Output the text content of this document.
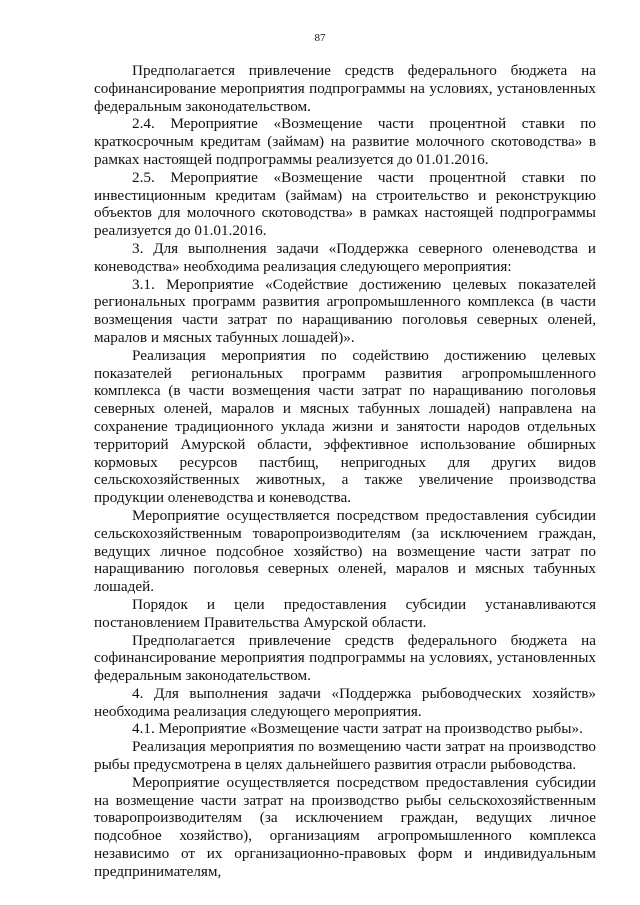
87

Предполагается привлечение средств федерального бюджета на софинансирование мероприятия подпрограммы на условиях, установленных федеральным законодательством.

2.4. Мероприятие «Возмещение части процентной ставки по краткосрочным кредитам (займам) на развитие молочного скотоводства» в рамках настоящей подпрограммы реализуется до 01.01.2016.

2.5. Мероприятие «Возмещение части процентной ставки по инвестиционным кредитам (займам) на строительство и реконструкцию объектов для молочного скотоводства» в рамках настоящей подпрограммы реализуется до 01.01.2016.

3. Для выполнения задачи «Поддержка северного оленеводства и коневодства» необходима реализация следующего мероприятия:

3.1. Мероприятие «Содействие достижению целевых показателей региональных программ развития агропромышленного комплекса (в части возмещения части затрат по наращиванию поголовья северных оленей, маралов и мясных табунных лошадей)».

Реализация мероприятия по содействию достижению целевых показателей региональных программ развития агропромышленного комплекса (в части возмещения части затрат по наращиванию поголовья северных оленей, маралов и мясных табунных лошадей) направлена на сохранение традиционного уклада жизни и занятости народов отдельных территорий Амурской области, эффективное использование обширных кормовых ресурсов пастбищ, непригодных для других видов сельскохозяйственных животных, а также увеличение производства продукции оленеводства и коневодства.

Мероприятие осуществляется посредством предоставления субсидии сельскохозяйственным товаропроизводителям (за исключением граждан, ведущих личное подсобное хозяйство) на возмещение части затрат по наращиванию поголовья северных оленей, маралов и мясных табунных лошадей.

Порядок и цели предоставления субсидии устанавливаются постановлением Правительства Амурской области.

Предполагается привлечение средств федерального бюджета на софинансирование мероприятия подпрограммы на условиях, установленных федеральным законодательством.

4. Для выполнения задачи «Поддержка рыбоводческих хозяйств» необходима реализация следующего мероприятия.

4.1. Мероприятие «Возмещение части затрат на производство рыбы».

Реализация мероприятия по возмещению части затрат на производство рыбы предусмотрена в целях дальнейшего развития отрасли рыбоводства.

Мероприятие осуществляется посредством предоставления субсидии на возмещение части затрат на производство рыбы сельскохозяйственным товаропроизводителям (за исключением граждан, ведущих личное подсобное хозяйство), организациям агропромышленного комплекса независимо от их организационно-правовых форм и индивидуальным предпринимателям,
